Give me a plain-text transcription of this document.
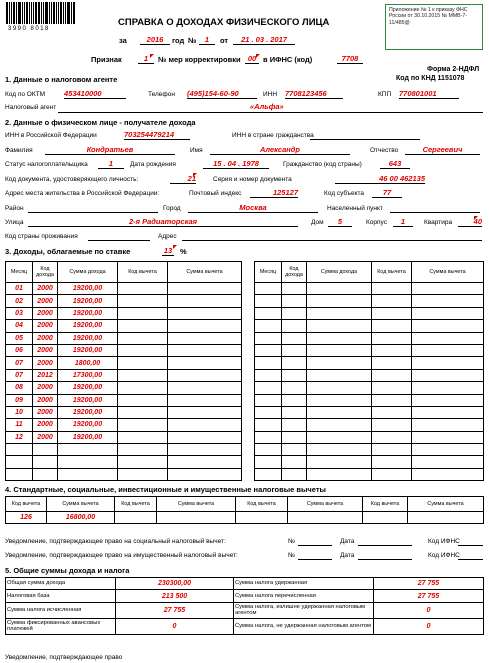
3990 8018
Приложение № 1 к приказу ФНС России от 30.10.2015 № ММВ-7-11/485@
СПРАВКА О ДОХОДАХ ФИЗИЧЕСКОГО ЛИЦА
за	2016	год №	1	от	21 . 03 . 2017
Признак	1	№ мер корректировки 00 в ИФНС (код)	7708
Форма 2-НДФЛ
1. Данные о налоговом агенте	Код по КНД 1151078
Код по ОКТМ	453410000	Телефон (495)154-60-90	ИНН 7708123456	КПП 770801001
Налоговый агент	«Альфа»
2. Данные о физическом лице - получателе дохода
ИНН в Российской Федерации	703254479214	ИНН в стране гражданства
Фамилия	Кондратьев	Имя	Александр	Отчество	Сергеевич
Статус налогоплательщика	1	Дата рождения	15 . 04 . 1978	Гражданство (код страны)	643
Код документа, удостоверяющего личность:	21	Серия и номер документа	46 00 462135
Адрес места жительства в Российской Федерации:	Почтовый индекс	125127	Код субъекта	77
Район	Город	Москва	Населенный пункт
Улица	2-я Радиаторская	Дом	5	Корпус	1	Квартира	40
Код страны проживания	Адрес
3. Доходы, облагаемые по ставке	13 %
Месяц	Код дохода	Сумма дохода	Код вычета	Сумма вычета
01	2000	19200,00		
02	2000	19200,00		
03	2000	19200,00		
04	2000	19200,00		
05	2000	19200,00		
06	2000	19200,00		
07	2000	1800,00		
07	2012	17300,00		
08	2000	19200,00		
09	2000	19200,00		
10	2000	19200,00		
11	2000	19200,00		
12	2000	19200,00		

Месяц	Код дохода	Сумма дохода	Код вычета	Сумма вычета

4. Стандартные, социальные, инвестиционные и имущественные налоговые вычеты
Код вычета	Сумма вычета	Код вычета	Сумма вычета	Код вычета	Сумма вычета	Код вычета	Сумма вычета
126	16800,00						
Уведомление, подтверждающее право на социальный налоговый вычет:	№	Дата	Код ИФНС
Уведомление, подтверждающее право на имущественный налоговый вычет:	№	Дата	Код ИФНС
5. Общие суммы дохода и налога
Общая сумма дохода	230300,00	Сумма налога удержанная	27 755
Налоговая база	213 500	Сумма налога перечисленная	27 755
Сумма налога исчисленная	27 755	Сумма налога, излишне удержанная налоговым агентом	0
Сумма фиксированных авансовых платежей	0	Сумма налога, не удержанная налоговым агентом	0
Уведомление, подтверждающее право
